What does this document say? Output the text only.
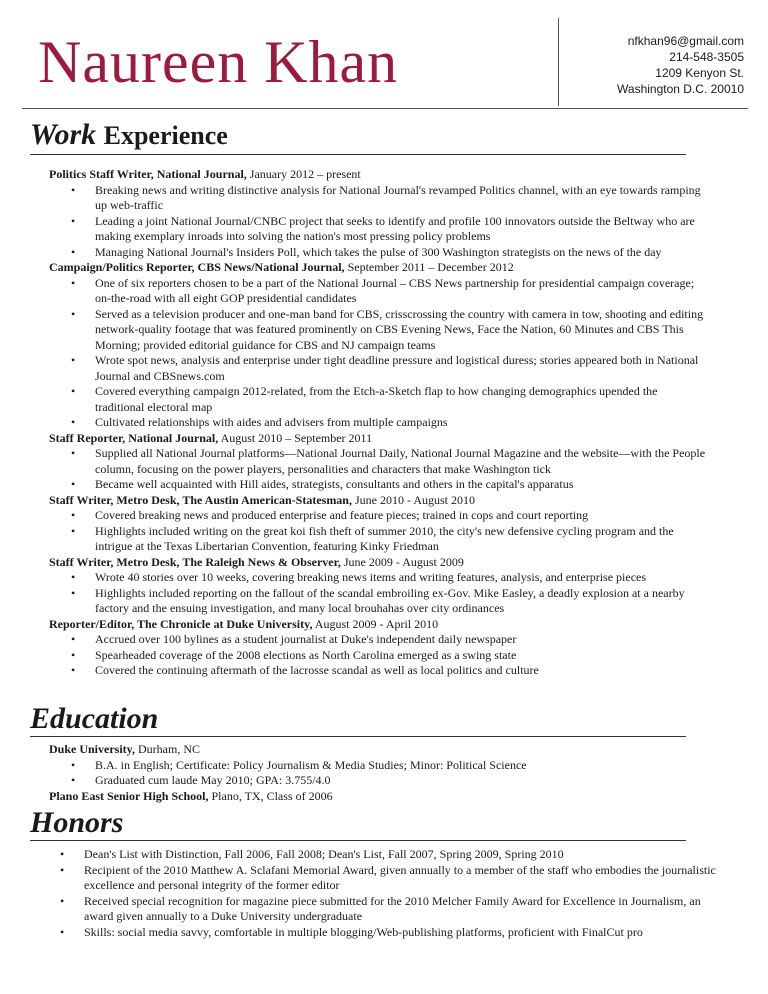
Naureen Khan	nfkhan96@gmail.com
214-548-3505
1209 Kenyon St.
Washington D.C. 20010
Work Experience
Politics Staff Writer, National Journal, January 2012 – present
• Breaking news and writing distinctive analysis for National Journal's revamped Politics channel, with an eye towards ramping up web-traffic
• Leading a joint National Journal/CNBC project that seeks to identify and profile 100 innovators outside the Beltway who are making exemplary inroads into solving the nation's most pressing policy problems
• Managing National Journal's Insiders Poll, which takes the pulse of 300 Washington strategists on the news of the day
Campaign/Politics Reporter, CBS News/National Journal, September 2011 – December 2012
• One of six reporters chosen to be a part of the National Journal – CBS News partnership for presidential campaign coverage; on-the-road with all eight GOP presidential candidates
• Served as a television producer and one-man band for CBS, crisscrossing the country with camera in tow, shooting and editing network-quality footage that was featured prominently on CBS Evening News, Face the Nation, 60 Minutes and CBS This Morning; provided editorial guidance for CBS and NJ campaign teams
• Wrote spot news, analysis and enterprise under tight deadline pressure and logistical duress; stories appeared both in National Journal and CBSnews.com
• Covered everything campaign 2012-related, from the Etch-a-Sketch flap to how changing demographics upended the traditional electoral map
• Cultivated relationships with aides and advisers from multiple campaigns
Staff Reporter, National Journal, August 2010 – September 2011
• Supplied all National Journal platforms—National Journal Daily, National Journal Magazine and the website—with the People column, focusing on the power players, personalities and characters that make Washington tick
• Became well acquainted with Hill aides, strategists, consultants and others in the capital's apparatus
Staff Writer, Metro Desk, The Austin American-Statesman, June 2010 - August 2010
• Covered breaking news and produced enterprise and feature pieces; trained in cops and court reporting
• Highlights included writing on the great koi fish theft of summer 2010, the city's new defensive cycling program and the intrigue at the Texas Libertarian Convention, featuring Kinky Friedman
Staff Writer, Metro Desk, The Raleigh News & Observer, June 2009 - August 2009
• Wrote 40 stories over 10 weeks, covering breaking news items and writing features, analysis, and enterprise pieces
• Highlights included reporting on the fallout of the scandal embroiling ex-Gov. Mike Easley, a deadly explosion at a nearby factory and the ensuing investigation, and many local brouhahas over city ordinances
Reporter/Editor, The Chronicle at Duke University, August 2009 - April 2010
• Accrued over 100 bylines as a student journalist at Duke's independent daily newspaper
• Spearheaded coverage of the 2008 elections as North Carolina emerged as a swing state
• Covered the continuing aftermath of the lacrosse scandal as well as local politics and culture
Education
Duke University, Durham, NC
• B.A. in English; Certificate: Policy Journalism & Media Studies; Minor: Political Science
• Graduated cum laude May 2010; GPA: 3.755/4.0
Plano East Senior High School, Plano, TX, Class of 2006
Honors
• Dean's List with Distinction, Fall 2006, Fall 2008; Dean's List, Fall 2007, Spring 2009, Spring 2010
• Recipient of the 2010 Matthew A. Sclafani Memorial Award, given annually to a member of the staff who embodies the journalistic excellence and personal integrity of the former editor
• Received special recognition for magazine piece submitted for the 2010 Melcher Family Award for Excellence in Journalism, an award given annually to a Duke University undergraduate
• Skills: social media savvy, comfortable in multiple blogging/Web-publishing platforms, proficient with FinalCut pro
